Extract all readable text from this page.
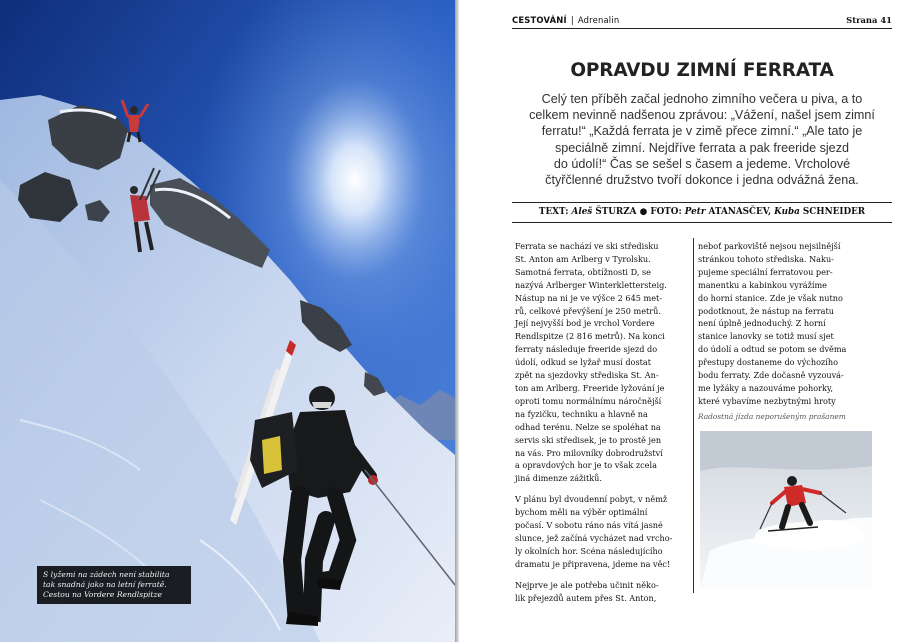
S lyžemi na zádech není stabilita
tak snadná jako na letní ferratě.
Cestou na Vordere Rendlspitze
CESTOVÁNÍ | Adrenalin	Strana 41
OPRAVDU ZIMNÍ FERRATA
Celý ten příběh začal jednoho zimního večera u piva, a to
celkem nevinně nadšenou zprávou: „Vážení, našel jsem zimní
ferratu!“ „Každá ferrata je v zimě přece zimní.“ „Ale tato je
speciálně zimní. Nejdříve ferrata a pak freeride sjezd
do údolí!“ Čas se sešel s časem a jedeme. Vrcholové
čtyřčlenné družstvo tvoří dokonce i jedna odvážná žena.
TEXT: Aleš ŠTURZA ● FOTO: Petr ATANASČEV, Kuba SCHNEIDER

Ferrata se nachází ve ski středisku
St. Anton am Arlberg v Tyrolsku.
Samotná ferrata, obtížnosti D, se
nazývá Arlberger Winterklettersteig.
Nástup na ni je ve výšce 2 645 met-
rů, celkové převýšení je 250 metrů.
Její nejvyšší bod je vrchol Vordere
Rendlspitze (2 816 metrů). Na konci
ferraty následuje freeride sjezd do
údolí, odkud se lyžař musí dostat
zpět na sjezdovky střediska St. An-
ton am Arlberg. Freeride lyžování je
oproti tomu normálnímu náročnější
na fyzičku, techniku a hlavně na
odhad terénu. Nelze se spoléhat na
servis ski středisek, je to prostě jen
na vás. Pro milovníky dobrodružství
a opravdových hor je to však zcela
jiná dimenze zážitků.

V plánu byl dvoudenní pobyt, v němž
bychom měli na výběr optimální
počasí. V sobotu ráno nás vítá jasné
slunce, jež začíná vycházet nad vrcho-
ly okolních hor. Scéna následujícího
dramatu je připravena, jdeme na věc!

Nejprve je ale potřeba učinit něko-
lik přejezdů autem přes St. Anton,

neboť parkoviště nejsou nejsilnější
stránkou tohoto střediska. Naku-
pujeme speciální ferratovou per-
manentku a kabinkou vyrážíme
do horní stanice. Zde je však nutno
podotknout, že nástup na ferratu
není úplně jednoduchý. Z horní
stanice lanovky se totiž musí sjet
do údolí a odtud se potom se dvěma
přestupy dostaneme do výchozího
bodu ferraty. Zde dočasně vyzouvá-
me lyžáky a nazouváme pohorky,
které vybavíme nezbytnými hroty

Radostná jízda neporušeným prašanem
